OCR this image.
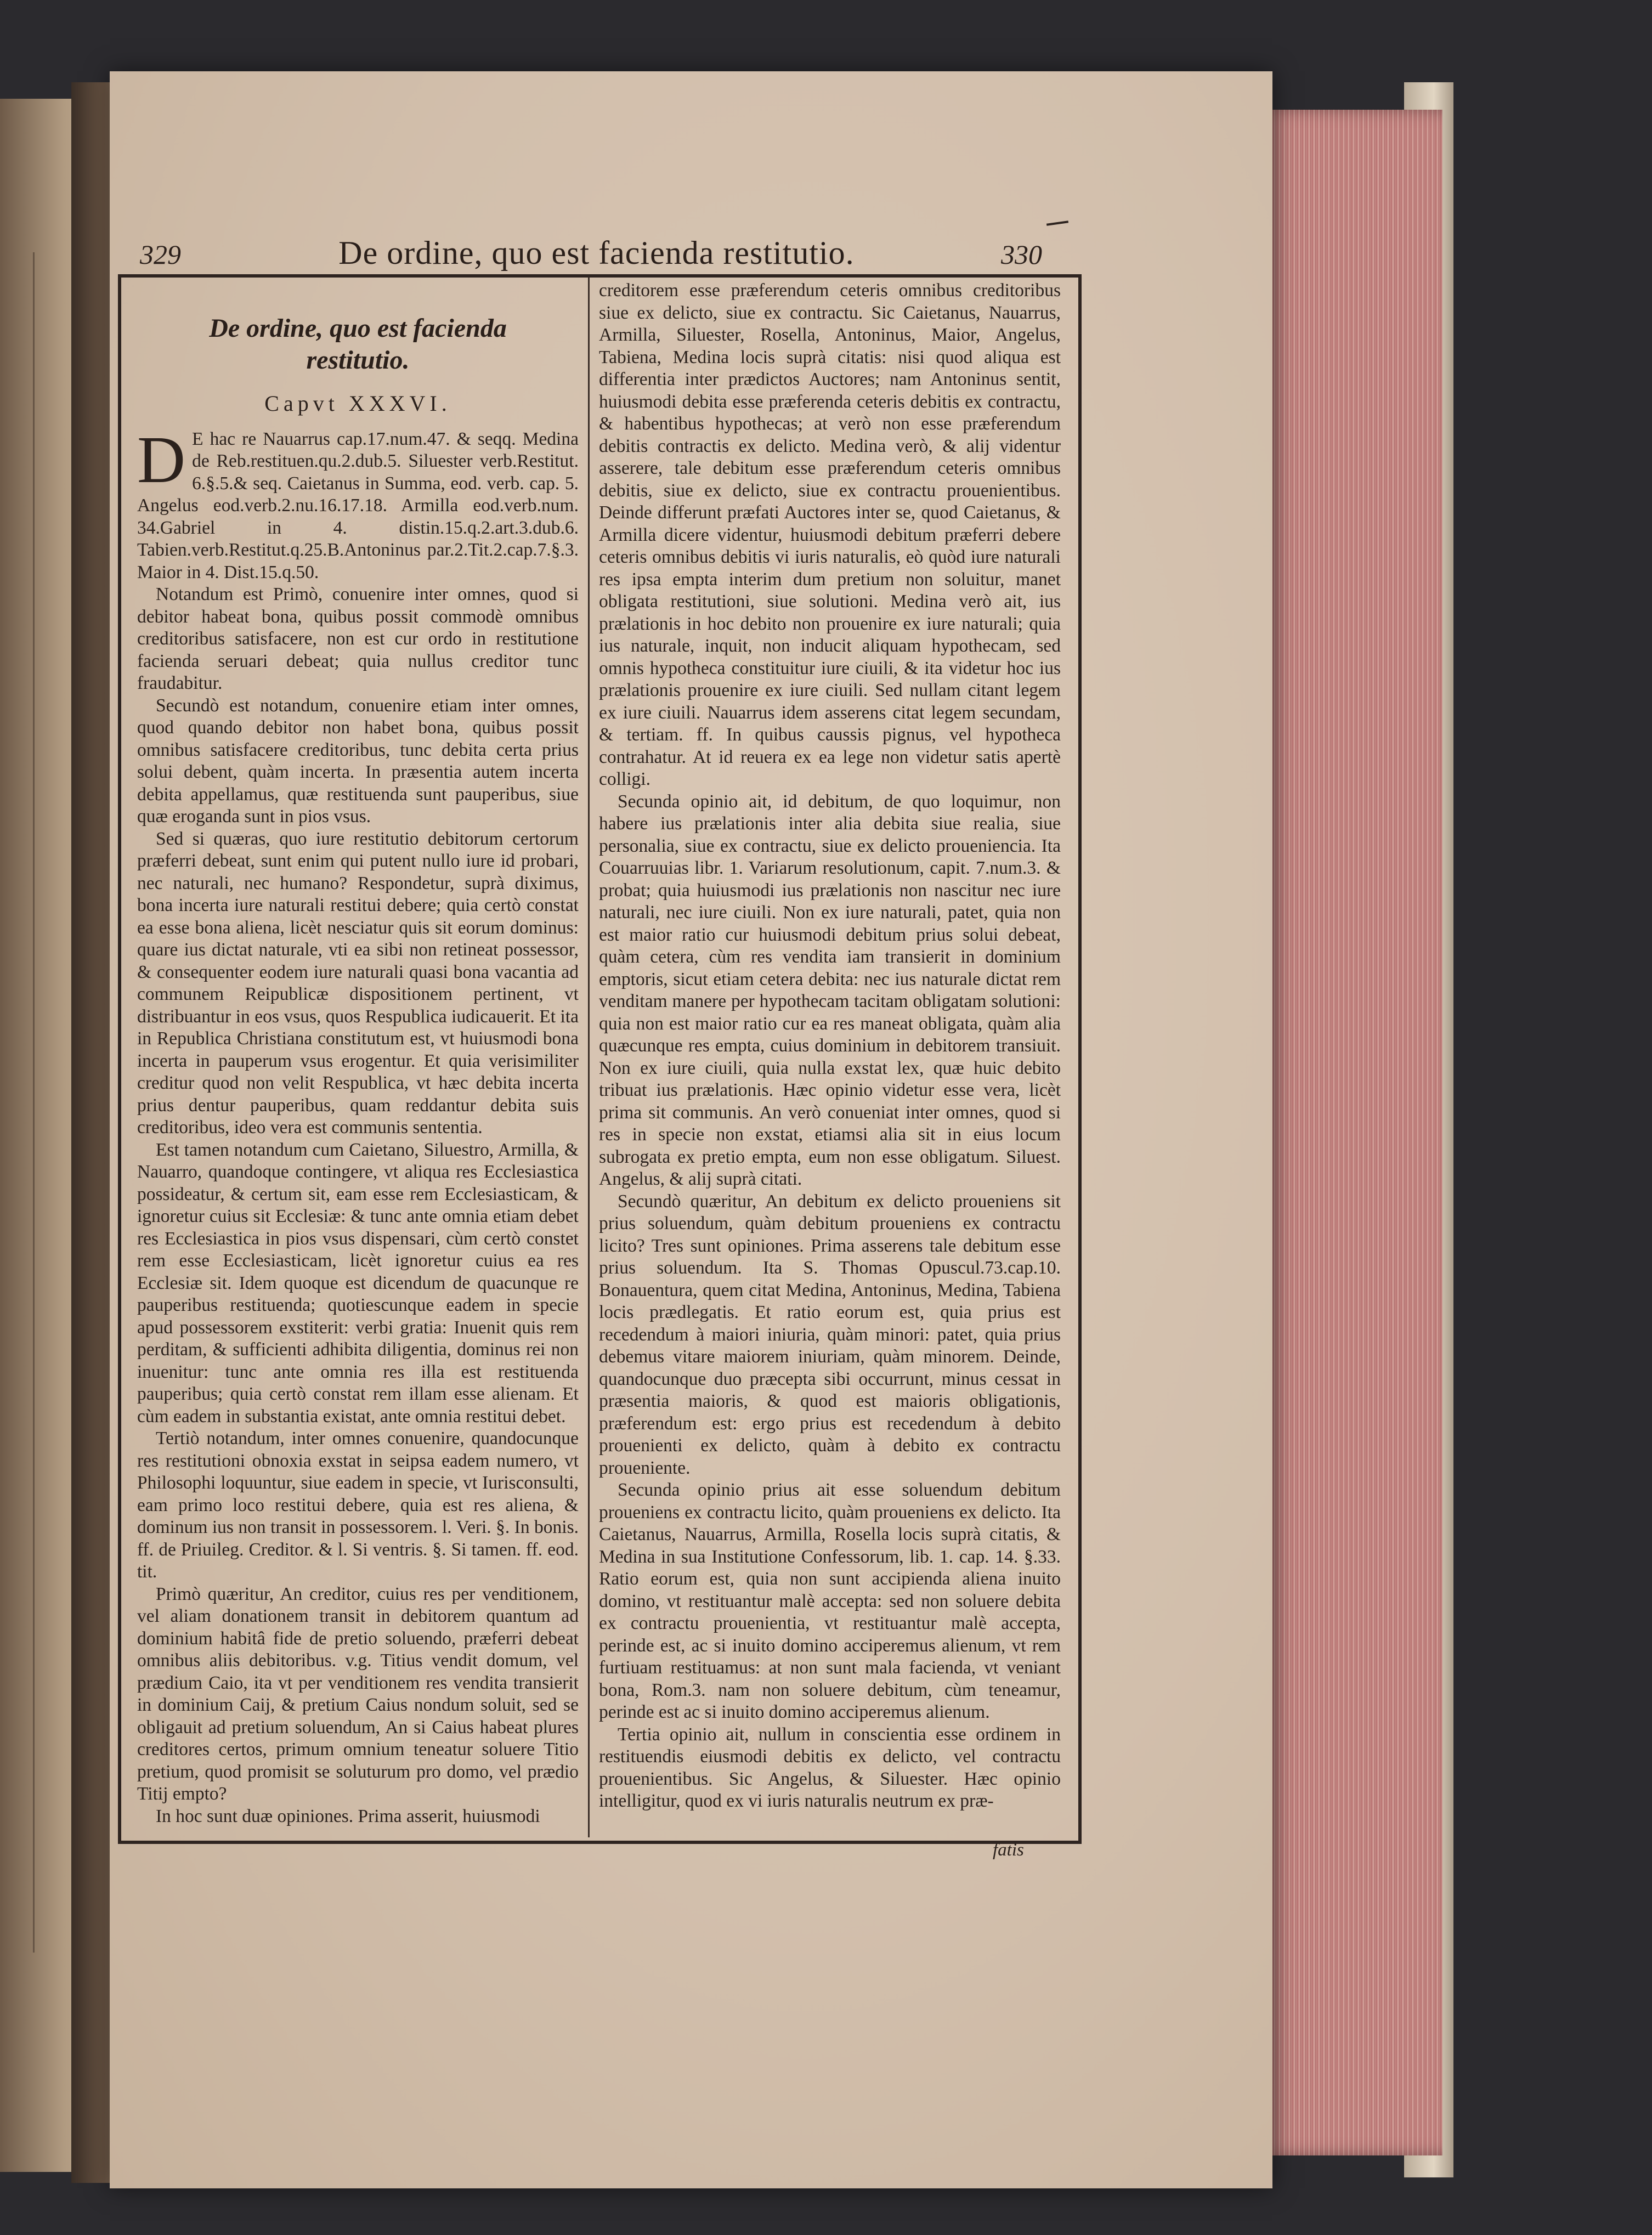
329	De ordine, quo est facienda restitutio.	330
De ordine, quo est facienda restitutio.
Capvt XXXVI.

D E hac re Nauarrus cap.17.num.47. & seqq. Medina de Reb.restituen.qu.2.dub.5. Siluester verb.Restitut. 6.§.5.& seq. Caietanus in Summa, eod. verb. cap. 5. Angelus eod.verb.2.nu.16.17.18. Armilla eod.verb.num. 34.Gabriel in 4. distin.15.q.2.art.3.dub.6. Tabien.verb.Restitut.q.25.B.Antoninus par.2.Tit.2.cap.7.§.3. Maior in 4. Dist.15.q.50.

Notandum est Primò, conuenire inter omnes, quod si debitor habeat bona, quibus possit commodè omnibus creditoribus satisfacere, non est cur ordo in restitutione facienda seruari debeat; quia nullus creditor tunc fraudabitur.

Secundò est notandum, conuenire etiam inter omnes, quod quando debitor non habet bona, quibus possit omnibus satisfacere creditoribus, tunc debita certa prius solui debent, quàm incerta. In præsentia autem incerta debita appellamus, quæ restituenda sunt pauperibus, siue quæ eroganda sunt in pios vsus.

Sed si quæras, quo iure restitutio debitorum certorum præferri debeat, sunt enim qui putent nullo iure id probari, nec naturali, nec humano? Respondetur, suprà diximus, bona incerta iure naturali restitui debere; quia certò constat ea esse bona aliena, licèt nesciatur quis sit eorum dominus: quare ius dictat naturale, vti ea sibi non retineat possessor, & consequenter eodem iure naturali quasi bona vacantia ad communem Reipublicæ dispositionem pertinent, vt distribuantur in eos vsus, quos Respublica iudicauerit. Et ita in Republica Christiana constitutum est, vt huiusmodi bona incerta in pauperum vsus erogentur. Et quia verisimiliter creditur quod non velit Respublica, vt hæc debita incerta prius dentur pauperibus, quam reddantur debita suis creditoribus, ideo vera est communis sententia.

Est tamen notandum cum Caietano, Siluestro, Armilla, & Nauarro, quandoque contingere, vt aliqua res Ecclesiastica possideatur, & certum sit, eam esse rem Ecclesiasticam, & ignoretur cuius sit Ecclesiæ: & tunc ante omnia etiam debet res Ecclesiastica in pios vsus dispensari, cùm certò constet rem esse Ecclesiasticam, licèt ignoretur cuius ea res Ecclesiæ sit. Idem quoque est dicendum de quacunque re pauperibus restituenda; quotiescunque eadem in specie apud possessorem exstiterit: verbi gratia: Inuenit quis rem perditam, & sufficienti adhibita diligentia, dominus rei non inuenitur: tunc ante omnia res illa est restituenda pauperibus; quia certò constat rem illam esse alienam. Et cùm eadem in substantia existat, ante omnia restitui debet.

Tertiò notandum, inter omnes conuenire, quandocunque res restitutioni obnoxia exstat in seipsa eadem numero, vt Philosophi loquuntur, siue eadem in specie, vt Iurisconsulti, eam primo loco restitui debere, quia est res aliena, & dominum ius non transit in possessorem. l. Veri. §. In bonis. ff. de Priuileg. Creditor. & l. Si ventris. §. Si tamen. ff. eod. tit.

Primò quæritur, An creditor, cuius res per venditionem, vel aliam donationem transit in debitorem quantum ad dominium habitâ fide de pretio soluendo, præferri debeat omnibus aliis debitoribus. v.g. Titius vendit domum, vel prædium Caio, ita vt per venditionem res vendita transierit in dominium Caij, & pretium Caius nondum soluit, sed se obligauit ad pretium soluendum, An si Caius habeat plures creditores certos, primum omnium teneatur soluere Titio pretium, quod promisit se soluturum pro domo, vel prædio Titij empto?

In hoc sunt duæ opiniones. Prima asserit, huiusmodi

creditorem esse præferendum ceteris omnibus creditoribus siue ex delicto, siue ex contractu. Sic Caietanus, Nauarrus, Armilla, Siluester, Rosella, Antoninus, Maior, Angelus, Tabiena, Medina locis suprà citatis: nisi quod aliqua est differentia inter prædictos Auctores; nam Antoninus sentit, huiusmodi debita esse præferenda ceteris debitis ex contractu, & habentibus hypothecas; at verò non esse præferendum debitis contractis ex delicto. Medina verò, & alij videntur asserere, tale debitum esse præferendum ceteris omnibus debitis, siue ex delicto, siue ex contractu prouenientibus. Deinde differunt præfati Auctores inter se, quod Caietanus, & Armilla dicere videntur, huiusmodi debitum præferri debere ceteris omnibus debitis vi iuris naturalis, eò quòd iure naturali res ipsa empta interim dum pretium non soluitur, manet obligata restitutioni, siue solutioni. Medina verò ait, ius prælationis in hoc debito non prouenire ex iure naturali; quia ius naturale, inquit, non inducit aliquam hypothecam, sed omnis hypotheca constituitur iure ciuili, & ita videtur hoc ius prælationis prouenire ex iure ciuili. Sed nullam citant legem ex iure ciuili. Nauarrus idem asserens citat legem secundam, & tertiam. ff. In quibus caussis pignus, vel hypotheca contrahatur. At id reuera ex ea lege non videtur satis apertè colligi.

Secunda opinio ait, id debitum, de quo loquimur, non habere ius prælationis inter alia debita siue realia, siue personalia, siue ex contractu, siue ex delicto proueniencia. Ita Couarruuias libr. 1. Variarum resolutionum, capit. 7.num.3. & probat; quia huiusmodi ius prælationis non nascitur nec iure naturali, nec iure ciuili. Non ex iure naturali, patet, quia non est maior ratio cur huiusmodi debitum prius solui debeat, quàm cetera, cùm res vendita iam transierit in dominium emptoris, sicut etiam cetera debita: nec ius naturale dictat rem venditam manere per hypothecam tacitam obligatam solutioni: quia non est maior ratio cur ea res maneat obligata, quàm alia quæcunque res empta, cuius dominium in debitorem transiuit. Non ex iure ciuili, quia nulla exstat lex, quæ huic debito tribuat ius prælationis. Hæc opinio videtur esse vera, licèt prima sit communis. An verò conueniat inter omnes, quod si res in specie non exstat, etiamsi alia sit in eius locum subrogata ex pretio empta, eum non esse obligatum. Siluest. Angelus, & alij suprà citati.

Secundò quæritur, An debitum ex delicto proueniens sit prius soluendum, quàm debitum proueniens ex contractu licito? Tres sunt opiniones. Prima asserens tale debitum esse prius soluendum. Ita S. Thomas Opuscul.73.cap.10. Bonauentura, quem citat Medina, Antoninus, Medina, Tabiena locis prædlegatis. Et ratio eorum est, quia prius est recedendum à maiori iniuria, quàm minori: patet, quia prius debemus vitare maiorem iniuriam, quàm minorem. Deinde, quandocunque duo præcepta sibi occurrunt, minus cessat in præsentia maioris, & quod est maioris obligationis, præferendum est: ergo prius est recedendum à debito prouenienti ex delicto, quàm à debito ex contractu proueniente.

Secunda opinio prius ait esse soluendum debitum proueniens ex contractu licito, quàm proueniens ex delicto. Ita Caietanus, Nauarrus, Armilla, Rosella locis suprà citatis, & Medina in sua Institutione Confessorum, lib. 1. cap. 14. §.33. Ratio eorum est, quia non sunt accipienda aliena inuito domino, vt restituantur malè accepta: sed non soluere debita ex contractu prouenientia, vt restituantur malè accepta, perinde est, ac si inuito domino acciperemus alienum, vt rem furtiuam restituamus: at non sunt mala facienda, vt veniant bona, Rom.3. nam non soluere debitum, cùm teneamur, perinde est ac si inuito domino acciperemus alienum.

Tertia opinio ait, nullum in conscientia esse ordinem in restituendis eiusmodi debitis ex delicto, vel contractu prouenientibus. Sic Angelus, & Siluester. Hæc opinio intelligitur, quod ex vi iuris naturalis neutrum ex præ-

fatis
